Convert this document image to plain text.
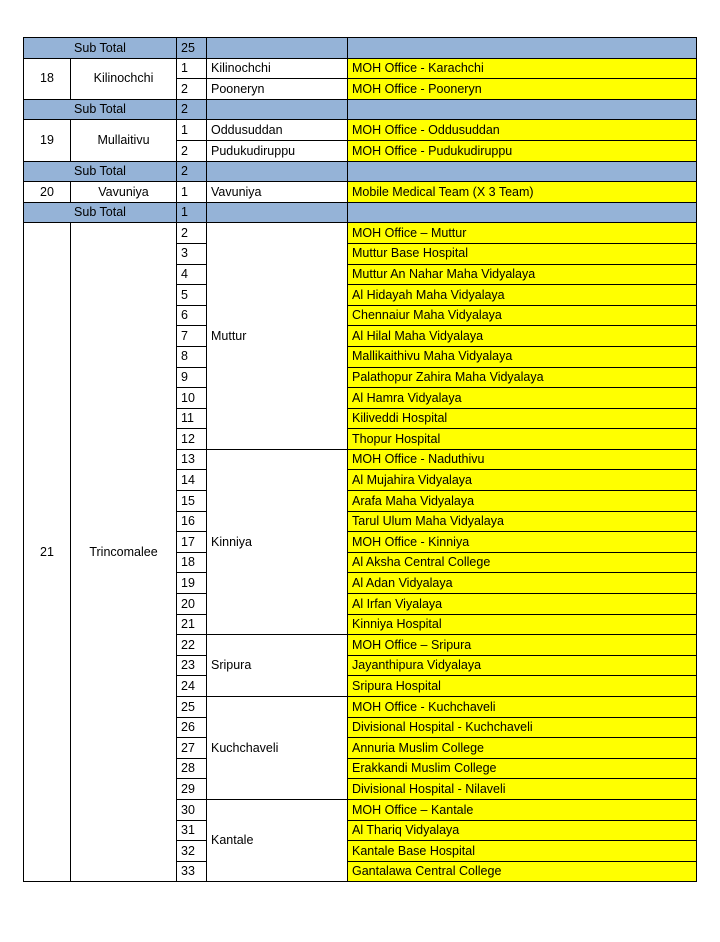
Sub Total		25		
18	Kilinochchi	1	Kilinochchi	MOH Office - Karachchi
		2	Pooneryn	MOH Office - Pooneryn
Sub Total		2		
19	Mullaitivu	1	Oddusuddan	MOH Office - Oddusuddan
		2	Pudukudiruppu	MOH Office - Pudukudiruppu
Sub Total		2		
20	Vavuniya	1	Vavuniya	Mobile Medical Team (X 3 Team)
Sub Total		1		
21	Trincomalee	2	Muttur	MOH Office – Muttur
		3		Muttur Base Hospital
		4		Muttur An Nahar Maha Vidyalaya
		5		Al Hidayah Maha Vidyalaya
		6		Chennaiur Maha Vidyalaya
		7		Al Hilal Maha Vidyalaya
		8		Mallikaithivu Maha Vidyalaya
		9		Palathopur Zahira Maha Vidyalaya
		10		Al Hamra Vidyalaya
		11		Kiliveddi Hospital
		12		Thopur Hospital
		13	Kinniya	MOH Office - Naduthivu
		14		Al Mujahira Vidyalaya
		15		Arafa Maha Vidyalaya
		16		Tarul Ulum Maha Vidyalaya
		17		MOH Office - Kinniya
		18		Al Aksha Central College
		19		Al Adan Vidyalaya
		20		Al Irfan Viyalaya
		21		Kinniya Hospital
		22	Sripura	MOH Office – Sripura
		23		Jayanthipura Vidyalaya
		24		Sripura Hospital
		25	Kuchchaveli	MOH Office - Kuchchaveli
		26		Divisional Hospital - Kuchchaveli
		27		Annuria Muslim College
		28		Erakkandi Muslim College
		29		Divisional Hospital - Nilaveli
		30	Kantale	MOH Office – Kantale
		31		Al Thariq Vidyalaya
		32		Kantale Base Hospital
		33		Gantalawa Central College
